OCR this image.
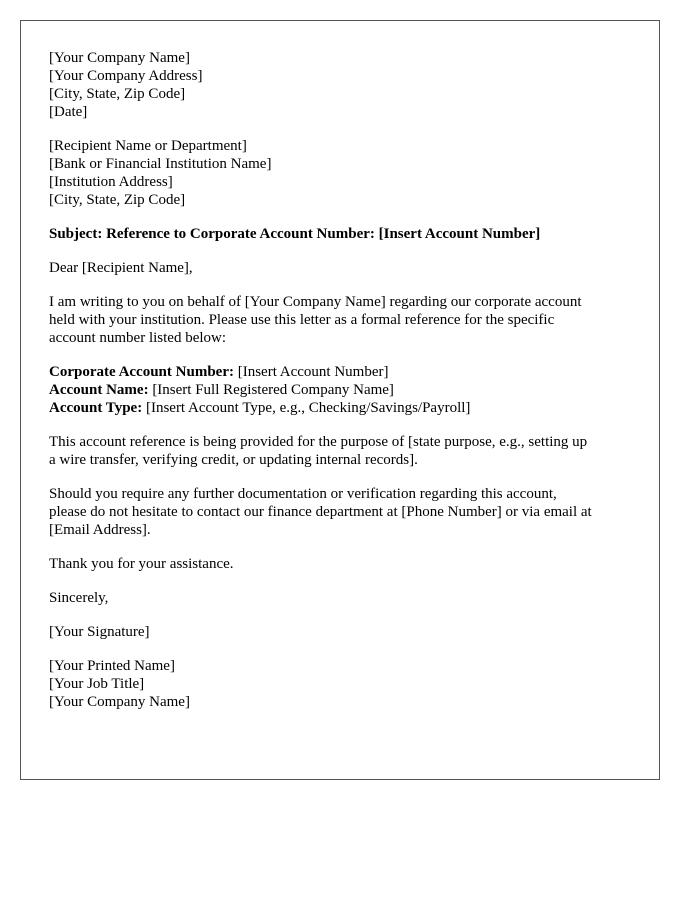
[Your Company Name]
[Your Company Address]
[City, State, Zip Code]
[Date]
[Recipient Name or Department]
[Bank or Financial Institution Name]
[Institution Address]
[City, State, Zip Code]
Subject: Reference to Corporate Account Number: [Insert Account Number]
Dear [Recipient Name],
I am writing to you on behalf of [Your Company Name] regarding our corporate account
held with your institution. Please use this letter as a formal reference for the specific
account number listed below:
Corporate Account Number: [Insert Account Number]
Account Name: [Insert Full Registered Company Name]
Account Type: [Insert Account Type, e.g., Checking/Savings/Payroll]
This account reference is being provided for the purpose of [state purpose, e.g., setting up
a wire transfer, verifying credit, or updating internal records].
Should you require any further documentation or verification regarding this account,
please do not hesitate to contact our finance department at [Phone Number] or via email at
[Email Address].
Thank you for your assistance.
Sincerely,
[Your Signature]
[Your Printed Name]
[Your Job Title]
[Your Company Name]
